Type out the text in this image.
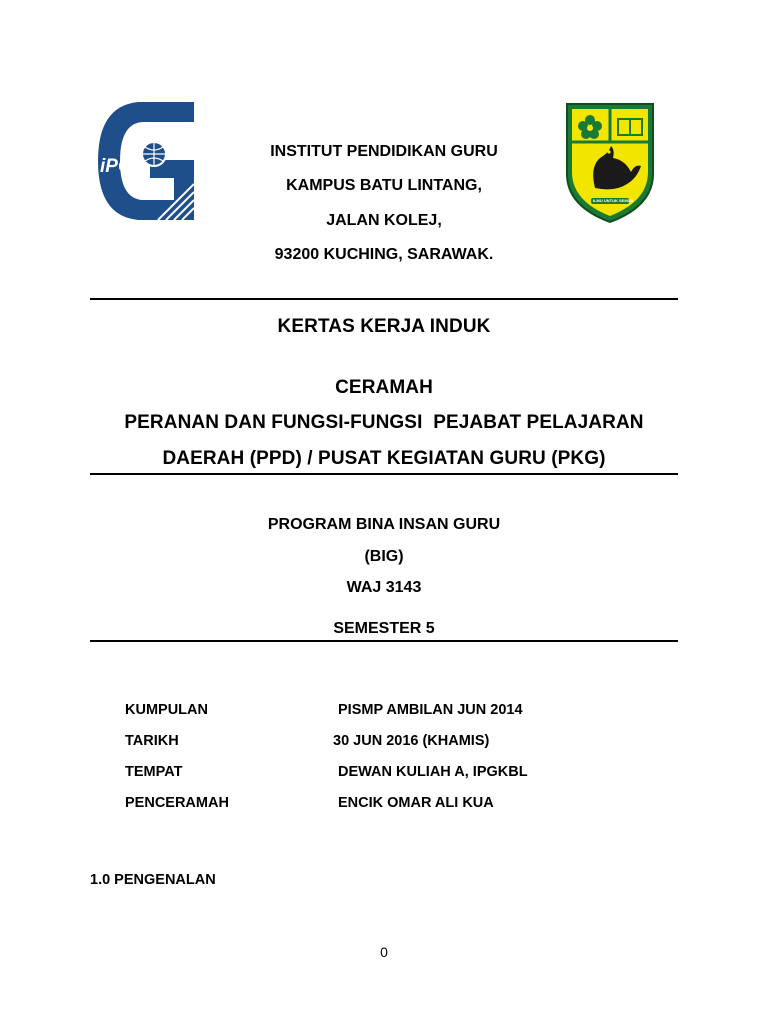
iPG
ILMU UNTUK SEMUA
INSTITUT PENDIDIKAN GURU
KAMPUS BATU LINTANG,
JALAN KOLEJ,
93200 KUCHING, SARAWAK.
KERTAS KERJA INDUK
CERAMAH
PERANAN DAN FUNGSI-FUNGSI  PEJABAT PELAJARAN
DAERAH (PPD) / PUSAT KEGIATAN GURU (PKG)
PROGRAM BINA INSAN GURU
(BIG)
WAJ 3143
SEMESTER 5
KUMPULAN	PISMP AMBILAN JUN 2014
TARIKH	30 JUN 2016 (KHAMIS)
TEMPAT	DEWAN KULIAH A, IPGKBL
PENCERAMAH	ENCIK OMAR ALI KUA
1.0 PENGENALAN
0
